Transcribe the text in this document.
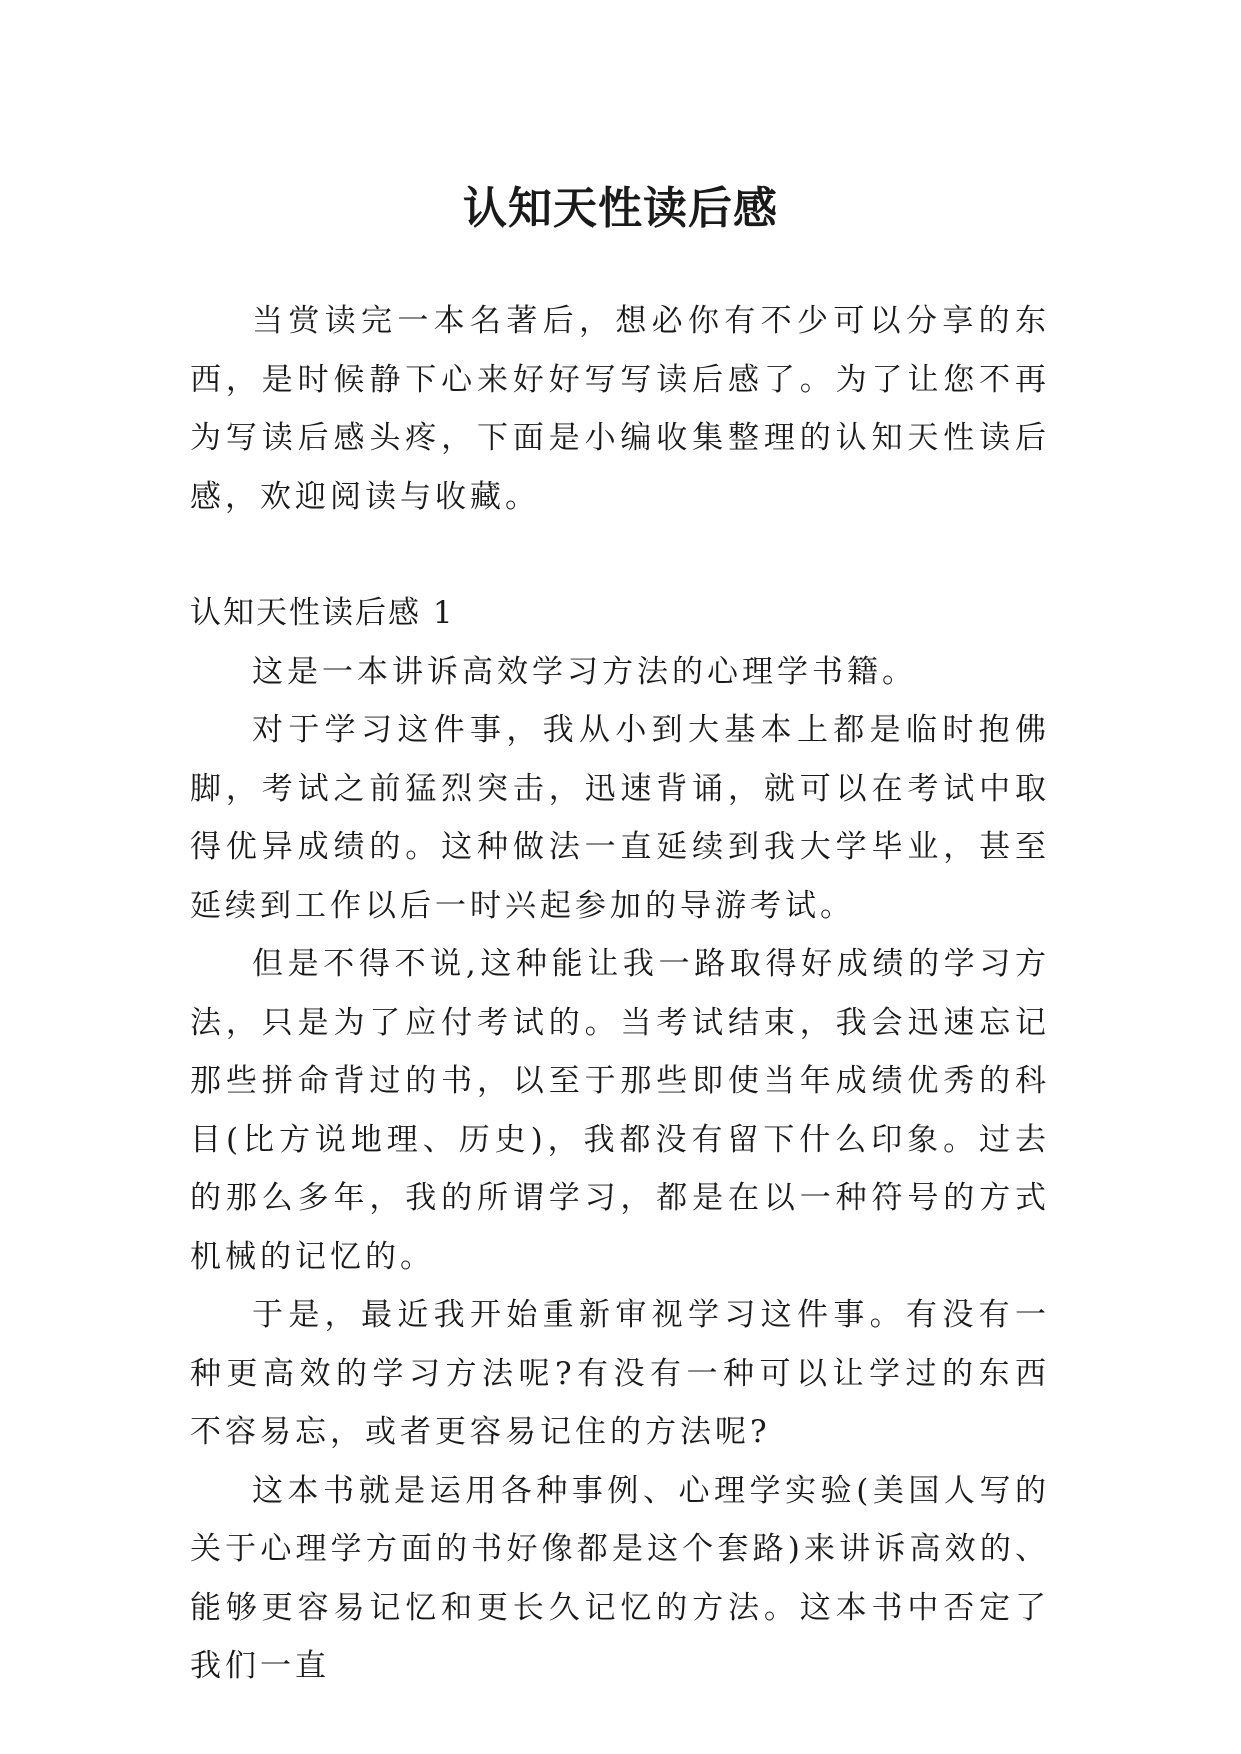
认知天性读后感

当赏读完一本名著后，想必你有不少可以分享的东西，是时候静下心来好好写写读后感了。为了让您不再为写读后感头疼，下面是小编收集整理的认知天性读后感，欢迎阅读与收藏。

认知天性读后感 1

这是一本讲诉高效学习方法的心理学书籍。

对于学习这件事，我从小到大基本上都是临时抱佛脚，考试之前猛烈突击，迅速背诵，就可以在考试中取得优异成绩的。这种做法一直延续到我大学毕业，甚至延续到工作以后一时兴起参加的导游考试。

但是不得不说,这种能让我一路取得好成绩的学习方法，只是为了应付考试的。当考试结束，我会迅速忘记那些拼命背过的书，以至于那些即使当年成绩优秀的科目(比方说地理、历史)，我都没有留下什么印象。过去的那么多年，我的所谓学习，都是在以一种符号的方式机械的记忆的。

于是，最近我开始重新审视学习这件事。有没有一种更高效的学习方法呢?有没有一种可以让学过的东西不容易忘，或者更容易记住的方法呢?

这本书就是运用各种事例、心理学实验(美国人写的关于心理学方面的书好像都是这个套路)来讲诉高效的、能够更容易记忆和更长久记忆的方法。这本书中否定了我们一直
